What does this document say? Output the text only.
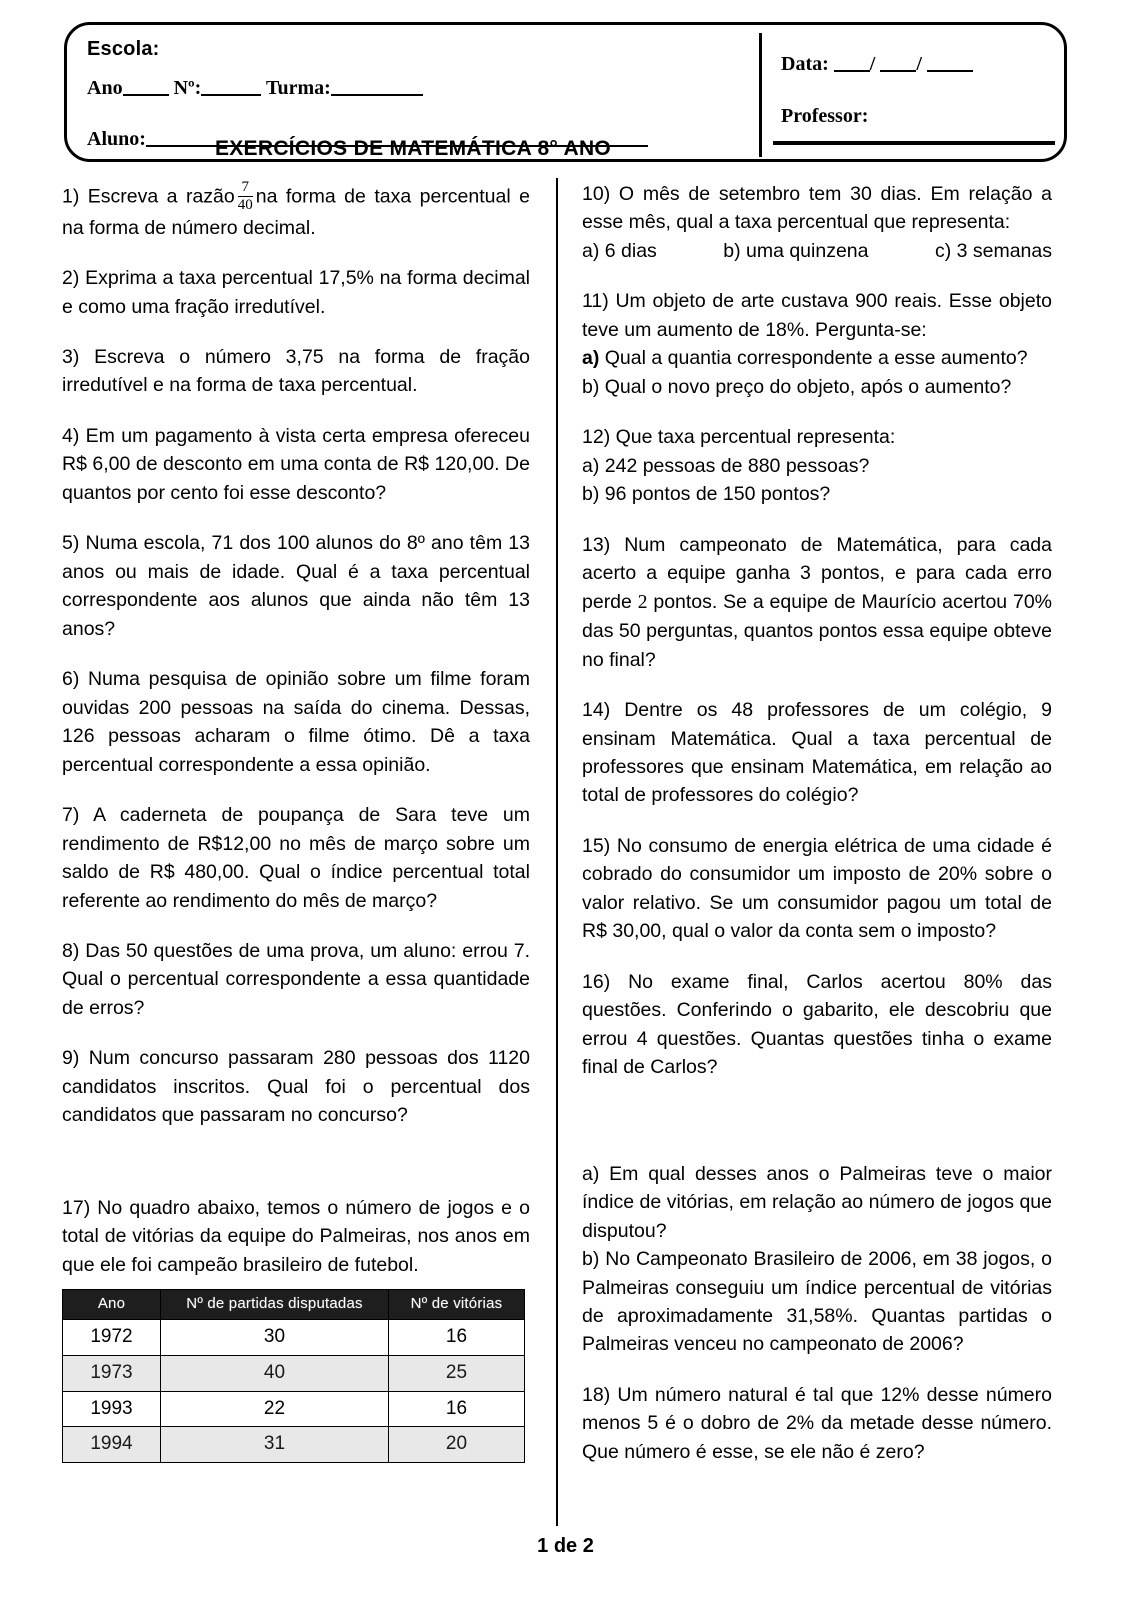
Escola:
Ano	Nº:	Turma:
Aluno:	EXERCÍCIOS DE MATEMÁTICA 8° ANO
Data: / /
Professor:

1) Escreva a razão $\frac{7}{40}$ na forma de taxa percentual e na forma de número decimal.

2) Exprima a taxa percentual 17,5% na forma decimal e como uma fração irredutível.

3) Escreva o número 3,75 na forma de fração irredutível e na forma de taxa percentual.

4) Em um pagamento à vista certa empresa ofereceu R$ 6,00 de desconto em uma conta de R$ 120,00. De quantos por cento foi esse desconto?

5) Numa escola, 71 dos 100 alunos do 8º ano têm 13 anos ou mais de idade. Qual é a taxa percentual correspondente aos alunos que ainda não têm 13 anos?

6) Numa pesquisa de opinião sobre um filme foram ouvidas 200 pessoas na saída do cinema. Dessas, 126 pessoas acharam o filme ótimo. Dê a taxa percentual correspondente a essa opinião.

7) A caderneta de poupança de Sara teve um rendimento de R$12,00 no mês de março sobre um saldo de R$ 480,00. Qual o índice percentual total referente ao rendimento do mês de março?

8) Das 50 questões de uma prova, um aluno: errou 7. Qual o percentual correspondente a essa quantidade de erros?

9) Num concurso passaram 280 pessoas dos 1120 candidatos inscritos. Qual foi o percentual dos candidatos que passaram no concurso?

17) No quadro abaixo, temos o número de jogos e o total de vitórias da equipe do Palmeiras, nos anos em que ele foi campeão brasileiro de futebol.

Ano	Nº de partidas disputadas	Nº de vitórias
1972	30	16
1973	40	25
1993	22	16
1994	31	20
10) O mês de setembro tem 30 dias. Em relação a esse mês, qual a taxa percentual que representa:
a) 6 dias	b) uma quinzena	c) 3 semanas
11) Um objeto de arte custava 900 reais. Esse objeto teve um aumento de 18%. Pergunta-se:
a) Qual a quantia correspondente a esse aumento?
b) Qual o novo preço do objeto, após o aumento?
12) Que taxa percentual representa:
a) 242 pessoas de 880 pessoas?
b) 96 pontos de 150 pontos?

13) Num campeonato de Matemática, para cada acerto a equipe ganha 3 pontos, e para cada erro perde 2 pontos. Se a equipe de Maurício acertou 70% das 50 perguntas, quantos pontos essa equipe obteve no final?

14) Dentre os 48 professores de um colégio, 9 ensinam Matemática. Qual a taxa percentual de professores que ensinam Matemática, em relação ao total de professores do colégio?

15) No consumo de energia elétrica de uma cidade é cobrado do consumidor um imposto de 20% sobre o valor relativo. Se um consumidor pagou um total de R$ 30,00, qual o valor da conta sem o imposto?

16) No exame final, Carlos acertou 80% das questões. Conferindo o gabarito, ele descobriu que errou 4 questões. Quantas questões tinha o exame final de Carlos?

a) Em qual desses anos o Palmeiras teve o maior índice de vitórias, em relação ao número de jogos que disputou?

b) No Campeonato Brasileiro de 2006, em 38 jogos, o Palmeiras conseguiu um índice percentual de vitórias de aproximadamente 31,58%. Quantas partidas o Palmeiras venceu no campeonato de 2006?

18) Um número natural é tal que 12% desse número menos 5 é o dobro de 2% da metade desse número. Que número é esse, se ele não é zero?

1 de 2
